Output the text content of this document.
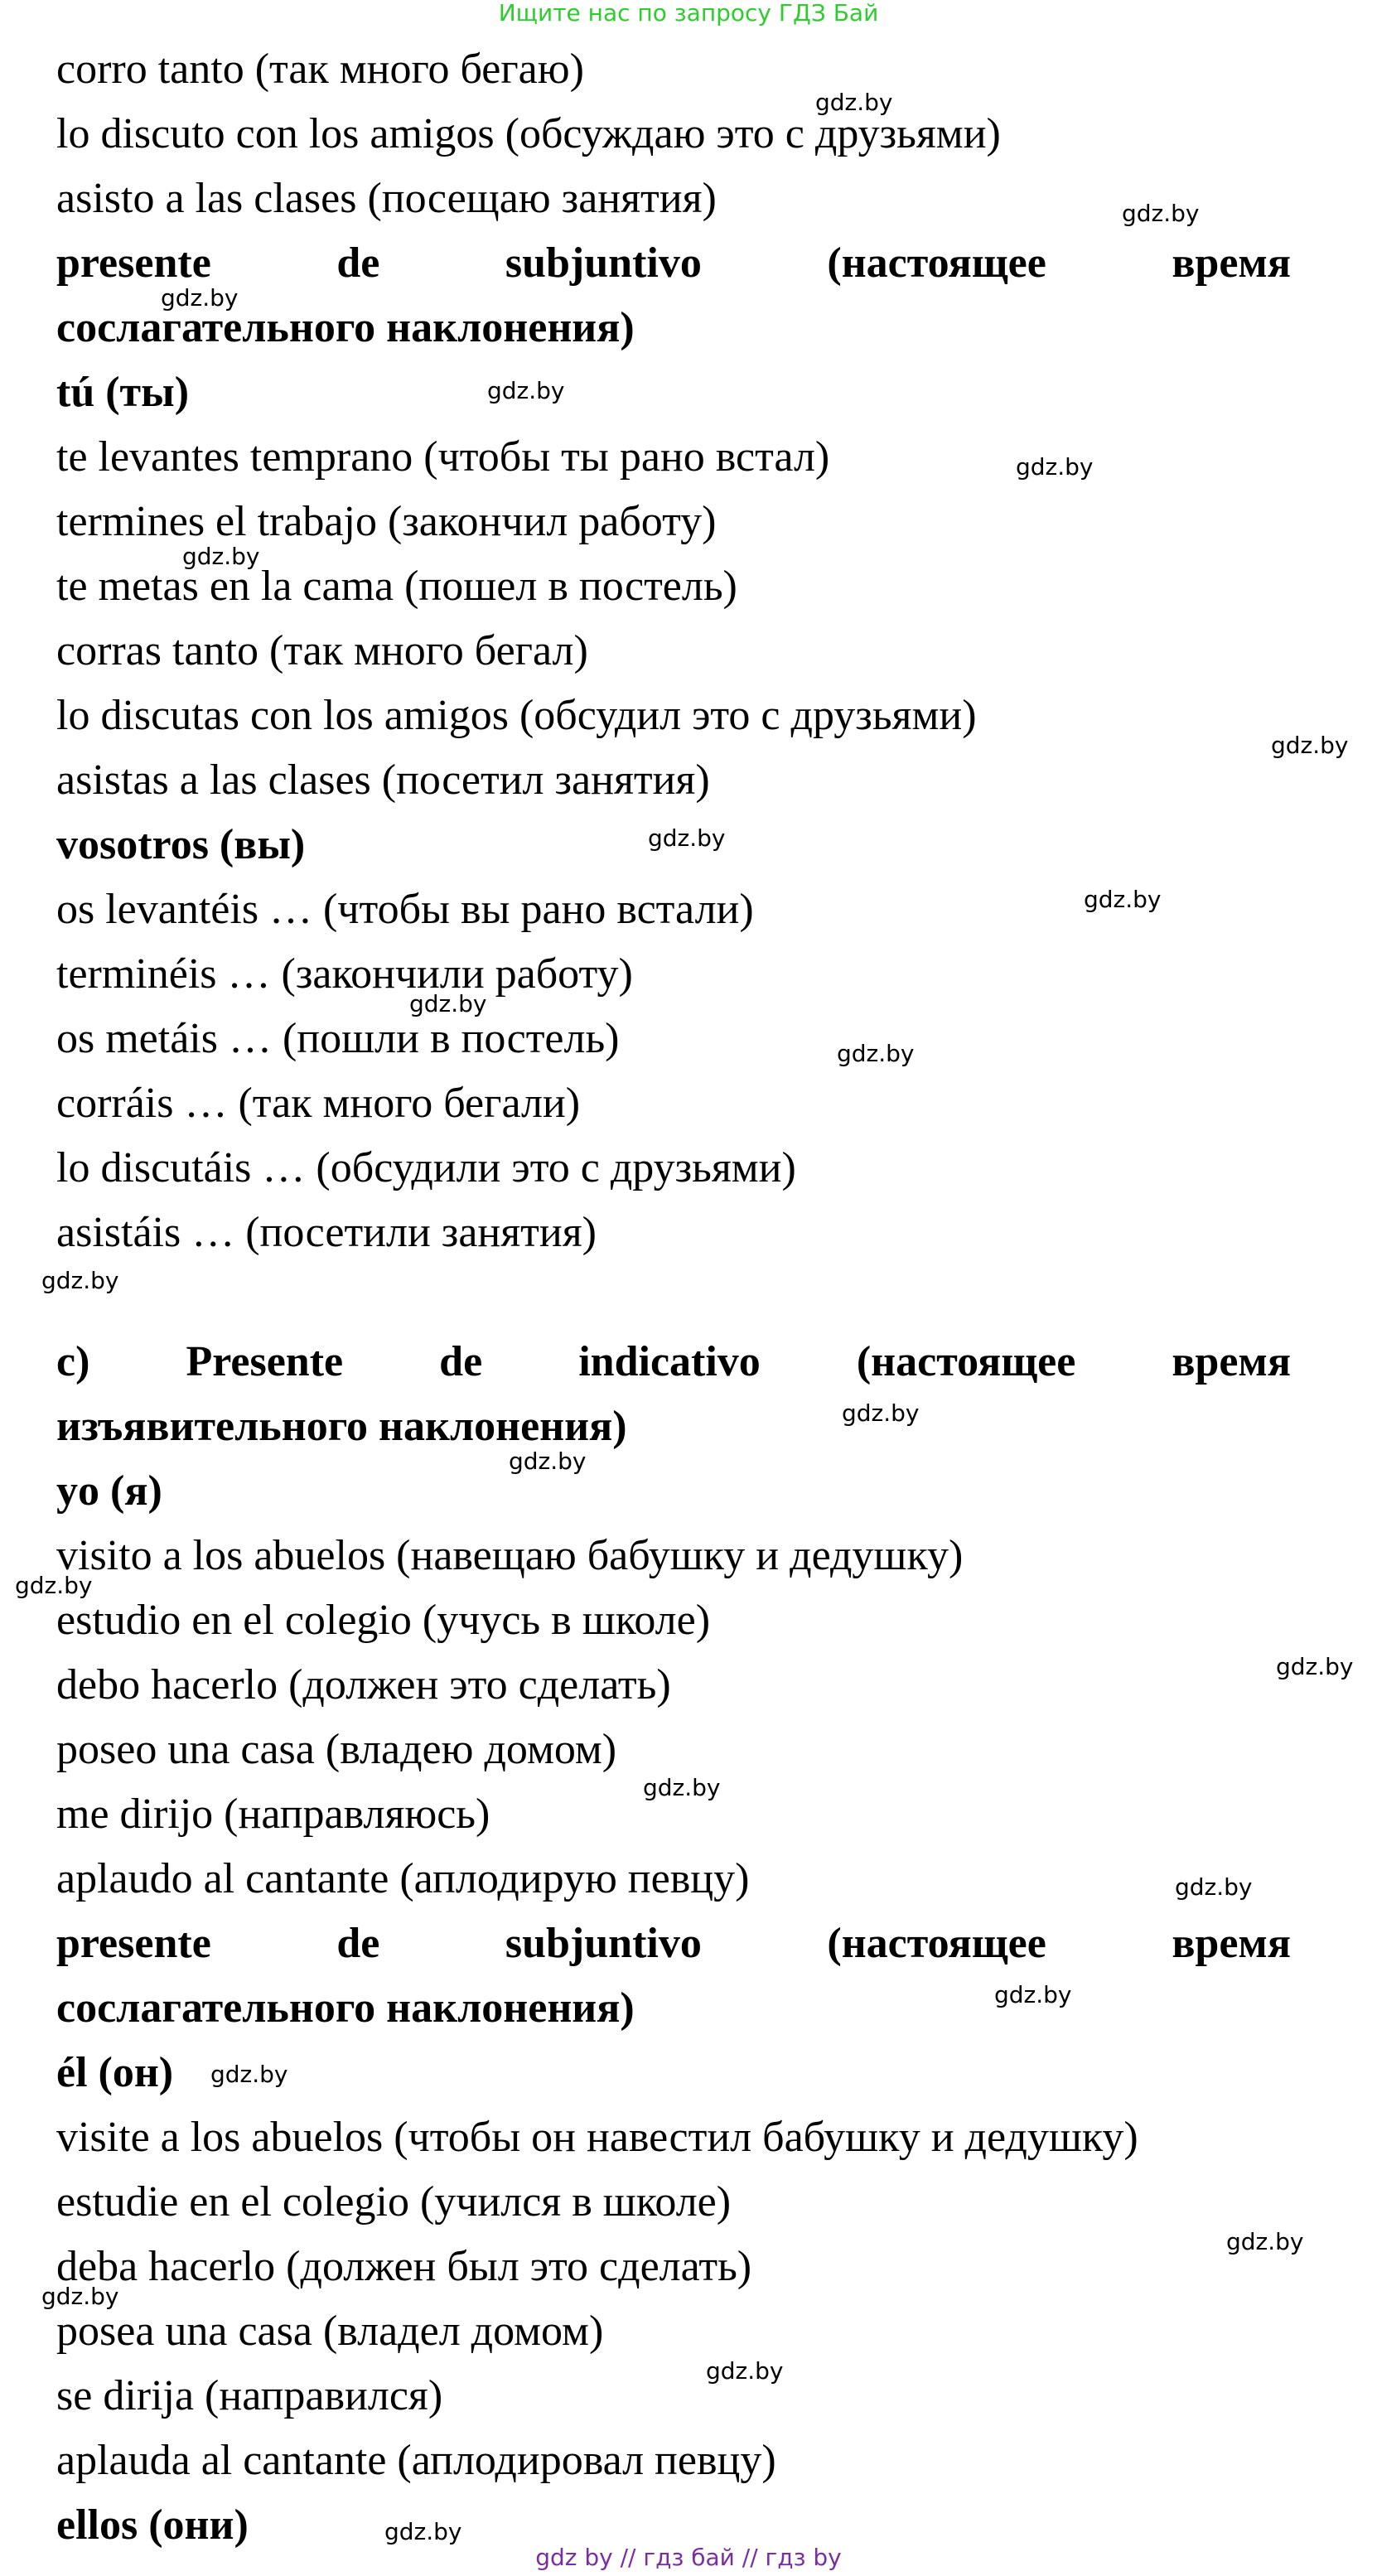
Ищите нас по запросу ГДЗ Бай
corro tanto (так много бегаю)
lo discuto con los amigos (обсуждаю это с друзьями)
asisto a las clases (посещаю занятия)
presente	de	subjuntivo	(настоящее	время
сослагательного наклонения)
tú (ты)
te levantes temprano (чтобы ты рано встал)
termines el trabajo (закончил работу)
te metas en la cama (пошел в постель)
corras tanto (так много бегал)
lo discutas con los amigos (обсудил это с друзьями)
asistas a las clases (посетил занятия)
vosotros (вы)
os levantéis … (чтобы вы рано встали)
terminéis … (закончили работу)
os metáis … (пошли в постель)
corráis … (так много бегали)
lo discutáis … (обсудили это с друзьями)
asistáis … (посетили занятия)
c) Presente de indicativo (настоящее время
изъявительного наклонения)
yo (я)
visito a los abuelos (навещаю бабушку и дедушку)
estudio en el colegio (учусь в школе)
debo hacerlo (должен это сделать)
poseo una casa (владею домом)
me dirijo (направляюсь)
aplaudo al cantante (аплодирую певцу)
presente	de	subjuntivo	(настоящее	время
сослагательного наклонения)
él (он)
visite a los abuelos (чтобы он навестил бабушку и дедушку)
estudie en el colegio (учился в школе)
deba hacerlo (должен был это сделать)
posea una casa (владел домом)
se dirija (направился)
aplauda al cantante (аплодировал певцу)
ellos (они)
gdz.by
gdz.by
gdz.by
gdz.by
gdz.by
gdz.by
gdz.by
gdz.by
gdz.by
gdz.by
gdz.by
gdz.by
gdz.by
gdz.by
gdz.by
gdz.by
gdz.by
gdz.by
gdz.by
gdz.by
gdz.by
gdz.by
gdz.by
gdz.by
gdz by // гдз бай // гдз by
